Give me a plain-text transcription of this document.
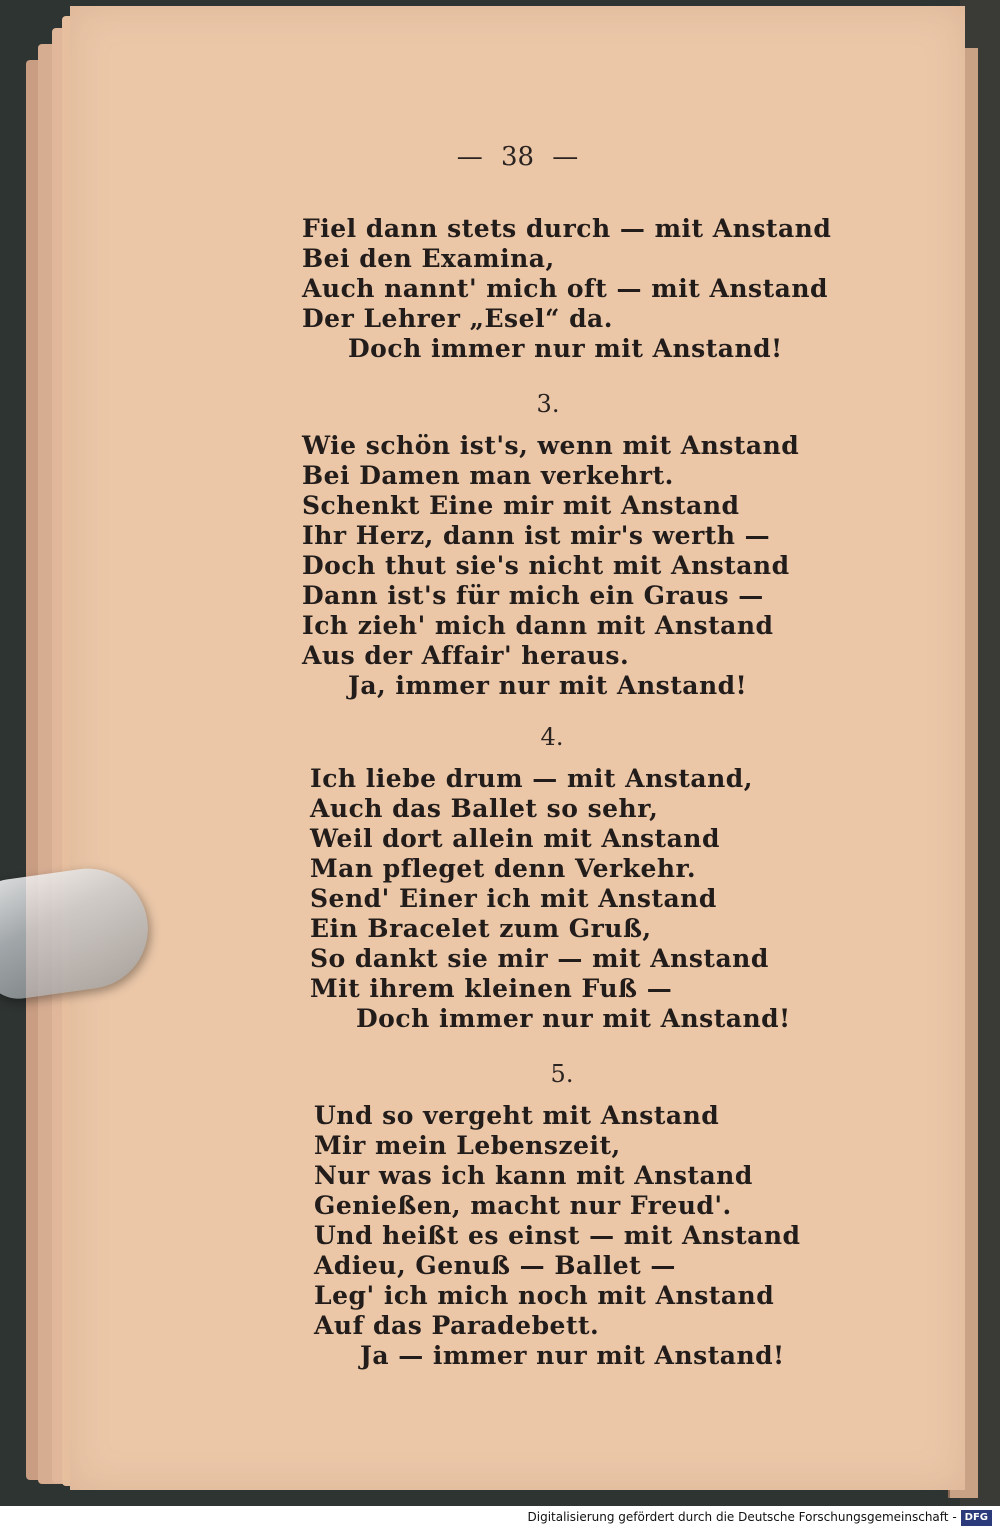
— 38 —
Fiel dann stets durch — mit Anstand
Bei den Examina,
Auch nannt' mich oft — mit Anstand
Der Lehrer „Esel“ da.
Doch immer nur mit Anstand!
3.
Wie schön ist's, wenn mit Anstand
Bei Damen man verkehrt.
Schenkt Eine mir mit Anstand
Ihr Herz, dann ist mir's werth —
Doch thut sie's nicht mit Anstand
Dann ist's für mich ein Graus —
Ich zieh' mich dann mit Anstand
Aus der Affair' heraus.
Ja, immer nur mit Anstand!
4.
Ich liebe drum — mit Anstand,
Auch das Ballet so sehr,
Weil dort allein mit Anstand
Man pfleget denn Verkehr.
Send' Einer ich mit Anstand
Ein Bracelet zum Gruß,
So dankt sie mir — mit Anstand
Mit ihrem kleinen Fuß —
Doch immer nur mit Anstand!
5.
Und so vergeht mit Anstand
Mir mein Lebenszeit,
Nur was ich kann mit Anstand
Genießen, macht nur Freud'.
Und heißt es einst — mit Anstand
Adieu, Genuß — Ballet —
Leg' ich mich noch mit Anstand
Auf das Paradebett.
Ja — immer nur mit Anstand!
Digitalisierung gefördert durch die Deutsche Forschungsgemeinschaft - DFG
